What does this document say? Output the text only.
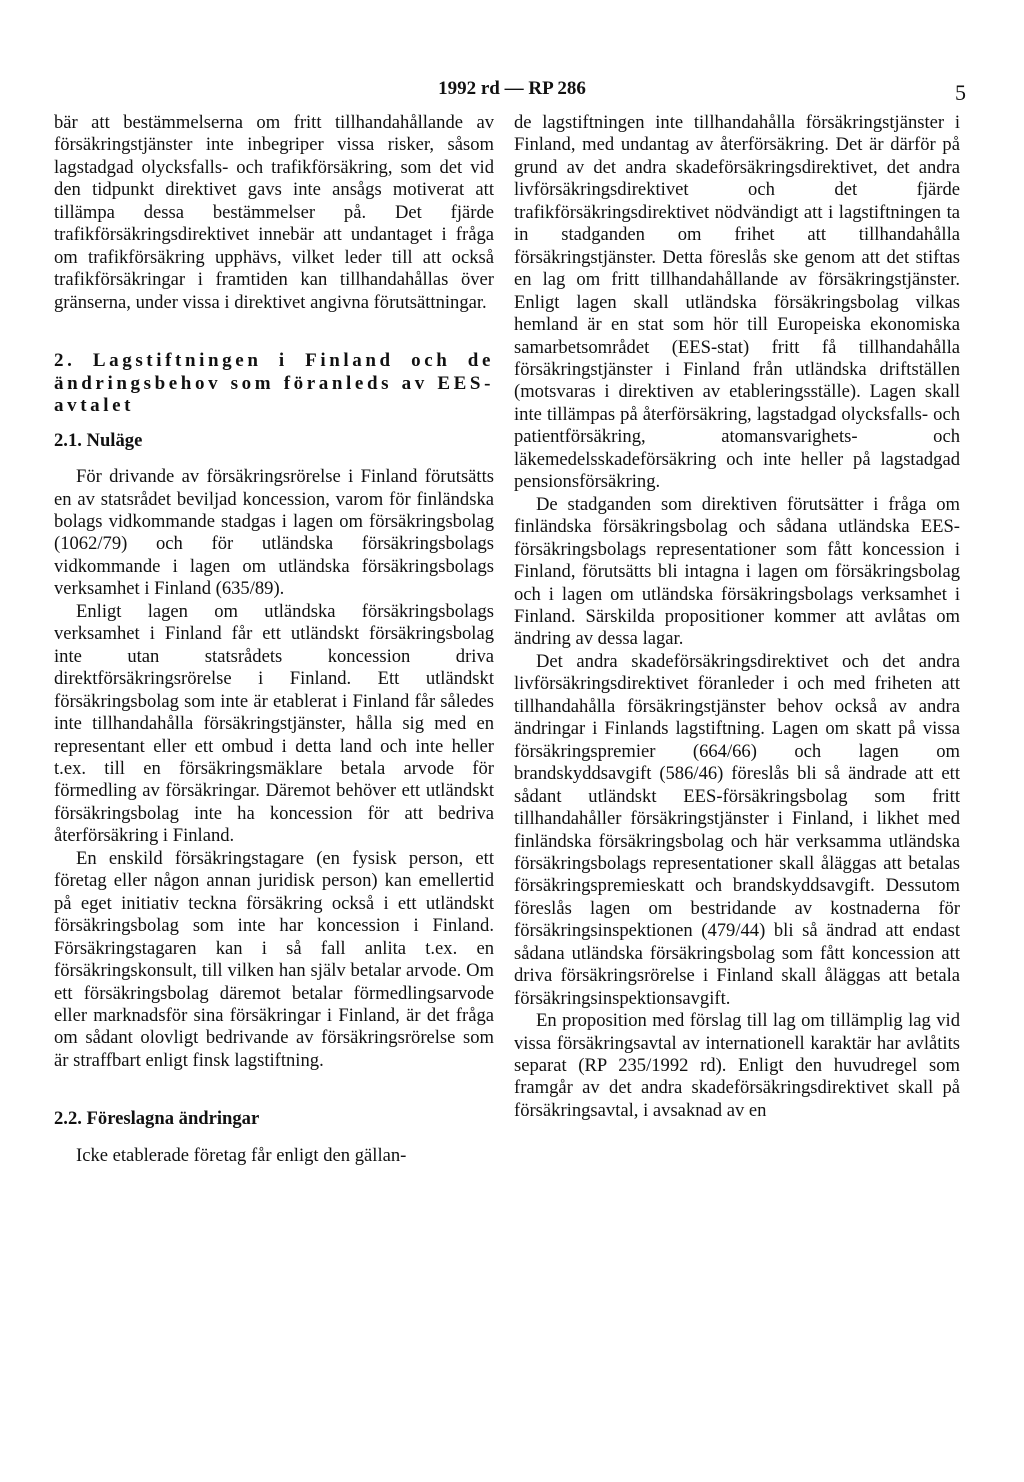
1992 rd — RP 286	5

bär att bestämmelserna om fritt tillhandahållande av försäkringstjänster inte inbegriper vissa risker, såsom lagstadgad olycksfalls- och trafikförsäkring, som det vid den tidpunkt direktivet gavs inte ansågs motiverat att tillämpa dessa bestämmelser på. Det fjärde trafikförsäkringsdirektivet innebär att undantaget i fråga om trafikförsäkring upphävs, vilket leder till att också trafikförsäkringar i framtiden kan tillhandahållas över gränserna, under vissa i direktivet angivna förutsättningar.

2. Lagstiftningen i Finland och de ändringsbehov som föranleds av EES-avtalet

2.1. Nuläge

För drivande av försäkringsrörelse i Finland förutsätts en av statsrådet beviljad koncession, varom för finländska bolags vidkommande stadgas i lagen om försäkringsbolag (1062/79) och för utländska försäkringsbolags vidkommande i lagen om utländska försäkringsbolags verksamhet i Finland (635/89).

Enligt lagen om utländska försäkringsbolags verksamhet i Finland får ett utländskt försäkringsbolag inte utan statsrådets koncession driva direktförsäkringsrörelse i Finland. Ett utländskt försäkringsbolag som inte är etablerat i Finland får således inte tillhandahålla försäkringstjänster, hålla sig med en representant eller ett ombud i detta land och inte heller t.ex. till en försäkringsmäklare betala arvode för förmedling av försäkringar. Däremot behöver ett utländskt försäkringsbolag inte ha koncession för att bedriva återförsäkring i Finland.

En enskild försäkringstagare (en fysisk person, ett företag eller någon annan juridisk person) kan emellertid på eget initiativ teckna försäkring också i ett utländskt försäkringsbolag som inte har koncession i Finland. Försäkringstagaren kan i så fall anlita t.ex. en försäkringskonsult, till vilken han själv betalar arvode. Om ett försäkringsbolag däremot betalar förmedlingsarvode eller marknadsför sina försäkringar i Finland, är det fråga om sådant olovligt bedrivande av försäkringsrörelse som är straffbart enligt finsk lagstiftning.

2.2. Föreslagna ändringar

Icke etablerade företag får enligt den gällan-

de lagstiftningen inte tillhandahålla försäkringstjänster i Finland, med undantag av återförsäkring. Det är därför på grund av det andra skadeförsäkringsdirektivet, det andra livförsäkringsdirektivet och det fjärde trafikförsäkringsdirektivet nödvändigt att i lagstiftningen ta in stadganden om frihet att tillhandahålla försäkringstjänster. Detta föreslås ske genom att det stiftas en lag om fritt tillhandahållande av försäkringstjänster. Enligt lagen skall utländska försäkringsbolag vilkas hemland är en stat som hör till Europeiska ekonomiska samarbetsområdet (EES-stat) fritt få tillhandahålla försäkringstjänster i Finland från utländska driftställen (motsvaras i direktiven av etableringsställe). Lagen skall inte tillämpas på återförsäkring, lagstadgad olycksfalls- och patientförsäkring, atomansvarighets- och läkemedelsskadeförsäkring och inte heller på lagstadgad pensionsförsäkring.

De stadganden som direktiven förutsätter i fråga om finländska försäkringsbolag och sådana utländska EES-försäkringsbolags representationer som fått koncession i Finland, förutsätts bli intagna i lagen om försäkringsbolag och i lagen om utländska försäkringsbolags verksamhet i Finland. Särskilda propositioner kommer att avlåtas om ändring av dessa lagar.

Det andra skadeförsäkringsdirektivet och det andra livförsäkringsdirektivet föranleder i och med friheten att tillhandahålla försäkringstjänster behov också av andra ändringar i Finlands lagstiftning. Lagen om skatt på vissa försäkringspremier (664/66) och lagen om brandskyddsavgift (586/46) föreslås bli så ändrade att ett sådant utländskt EES-försäkringsbolag som fritt tillhandahåller försäkringstjänster i Finland, i likhet med finländska försäkringsbolag och här verksamma utländska försäkringsbolags representationer skall åläggas att betalas försäkringspremieskatt och brandskyddsavgift. Dessutom föreslås lagen om bestridande av kostnaderna för försäkringsinspektionen (479/44) bli så ändrad att endast sådana utländska försäkringsbolag som fått koncession att driva försäkringsrörelse i Finland skall åläggas att betala försäkringsinspektionsavgift.

En proposition med förslag till lag om tillämplig lag vid vissa försäkringsavtal av internationell karaktär har avlåtits separat (RP 235/1992 rd). Enligt den huvudregel som framgår av det andra skadeförsäkringsdirektivet skall på försäkringsavtal, i avsaknad av en
